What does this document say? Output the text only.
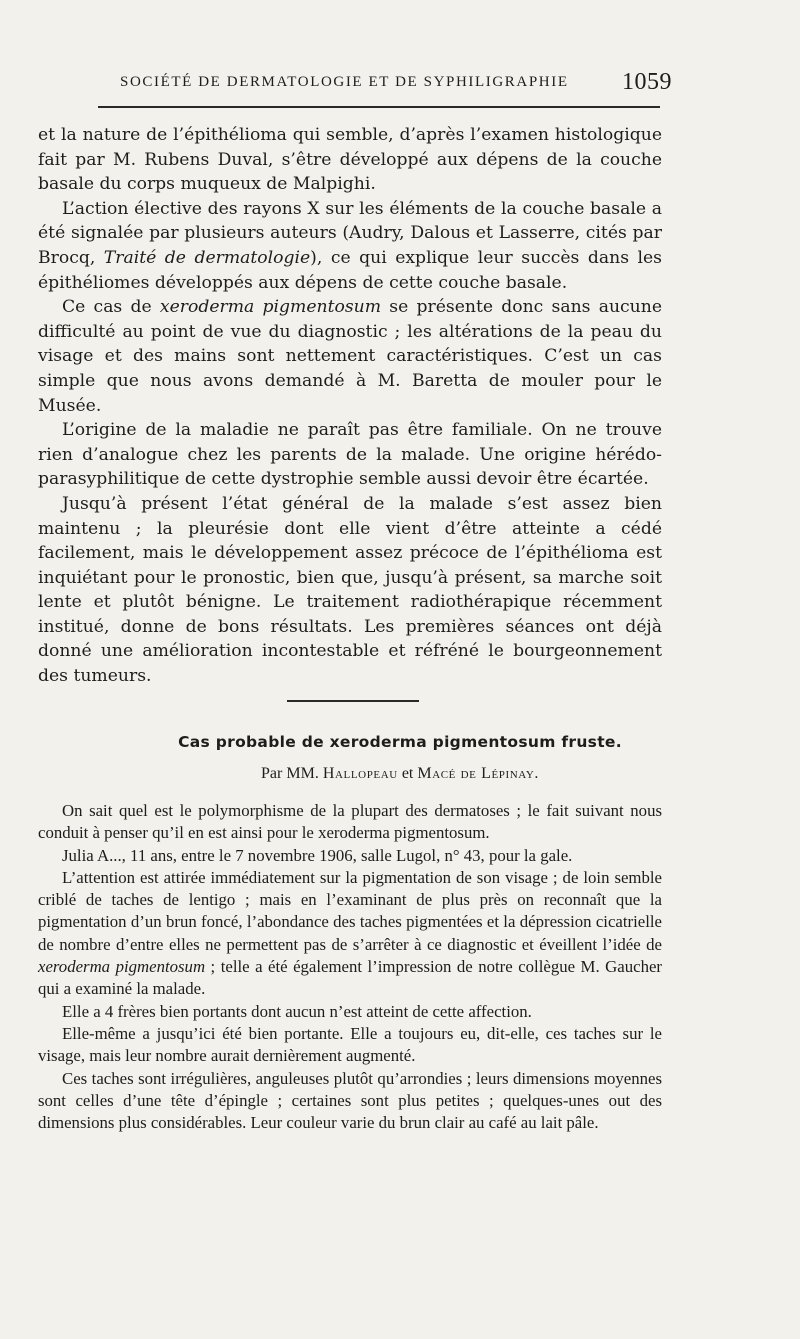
SOCIÉTÉ DE DERMATOLOGIE ET DE SYPHILIGRAPHIE 1059

et la nature de l’épithélioma qui semble, d’après l’examen histologique fait par M. Rubens Duval, s’être développé aux dépens de la couche basale du corps muqueux de Malpighi.

L’action élective des rayons X sur les éléments de la couche basale a été signalée par plusieurs auteurs (Audry, Dalous et Lasserre, cités par Brocq, Traité de dermatologie), ce qui explique leur succès dans les épithéliomes développés aux dépens de cette couche basale.

Ce cas de xeroderma pigmentosum se présente donc sans aucune difficulté au point de vue du diagnostic ; les altérations de la peau du visage et des mains sont nettement caractéristiques. C’est un cas simple que nous avons demandé à M. Baretta de mouler pour le Musée.

L’origine de la maladie ne paraît pas être familiale. On ne trouve rien d’analogue chez les parents de la malade. Une origine hérédo-parasyphilitique de cette dystrophie semble aussi devoir être écartée.

Jusqu’à présent l’état général de la malade s’est assez bien maintenu ; la pleurésie dont elle vient d’être atteinte a cédé facilement, mais le développement assez précoce de l’épithélioma est inquiétant pour le pronostic, bien que, jusqu’à présent, sa marche soit lente et plutôt bénigne. Le traitement radiothérapique récemment institué, donne de bons résultats. Les premières séances ont déjà donné une amélioration incontestable et réfréné le bourgeonnement des tumeurs.

Cas probable de xeroderma pigmentosum fruste.
Par MM. Hallopeau et Macé de Lépinay.

On sait quel est le polymorphisme de la plupart des dermatoses ; le fait suivant nous conduit à penser qu’il en est ainsi pour le xeroderma pigmentosum.

Julia A..., 11 ans, entre le 7 novembre 1906, salle Lugol, n° 43, pour la gale.

L’attention est attirée immédiatement sur la pigmentation de son visage ; de loin semble criblé de taches de lentigo ; mais en l’examinant de plus près on reconnaît que la pigmentation d’un brun foncé, l’abondance des taches pigmentées et la dépression cicatrielle de nombre d’entre elles ne permettent pas de s’arrêter à ce diagnostic et éveillent l’idée de xeroderma pigmentosum ; telle a été également l’impression de notre collègue M. Gaucher qui a examiné la malade.

Elle a 4 frères bien portants dont aucun n’est atteint de cette affection.

Elle-même a jusqu’ici été bien portante. Elle a toujours eu, dit-elle, ces taches sur le visage, mais leur nombre aurait dernièrement augmenté.

Ces taches sont irrégulières, anguleuses plutôt qu’arrondies ; leurs dimensions moyennes sont celles d’une tête d’épingle ; certaines sont plus petites ; quelques-unes out des dimensions plus considérables. Leur couleur varie du brun clair au café au lait pâle.
